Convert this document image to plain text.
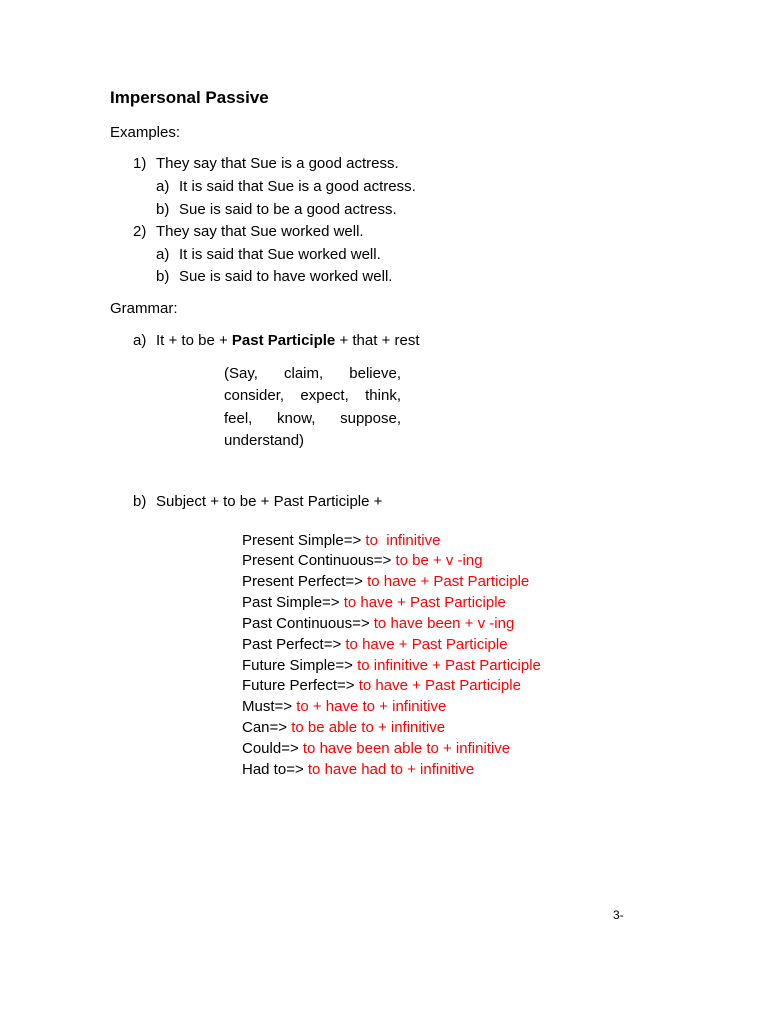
Impersonal Passive
Examples:
1) They say that Sue is a good actress.
a) It is said that Sue is a good actress.
b) Sue is said to be a good actress.
2) They say that Sue worked well.
a) It is said that Sue worked well.
b) Sue is said to have worked well.
Grammar:
a) It + to be + Past Participle + that + rest
(Say, claim, believe, consider, expect, think, feel, know, suppose, understand)
b) Subject + to be + Past Participle +
Present Simple=> to  infinitive
Present Continuous=> to be + v -ing
Present Perfect=> to have + Past Participle
Past Simple=> to have + Past Participle
Past Continuous=> to have been + v -ing
Past Perfect=> to have + Past Participle
Future Simple=> to infinitive + Past Participle
Future Perfect=> to have + Past Participle
Must=> to + have to + infinitive
Can=> to be able to + infinitive
Could=> to have been able to + infinitive
Had to=> to have had to + infinitive
3-
